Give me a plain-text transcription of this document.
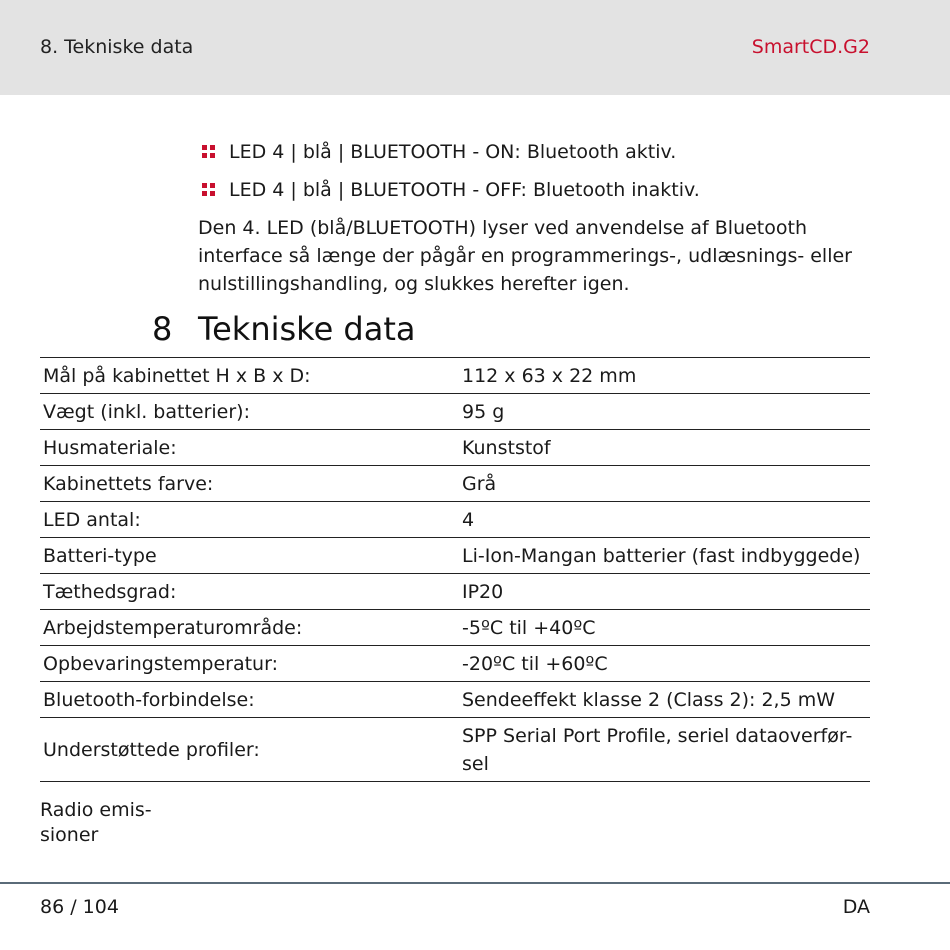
8. Tekniske data	SmartCD.G2
LED 4 | blå | BLUETOOTH - ON: Bluetooth aktiv.
LED 4 | blå | BLUETOOTH - OFF: Bluetooth inaktiv.
Den 4. LED (blå/BLUETOOTH) lyser ved anvendelse af Bluetooth interface så længe der pågår en programmerings-, udlæsnings- eller nulstillingshandling, og slukkes herefter igen.
8 Tekniske data
Mål på kabinettet H x B x D:	112 x 63 x 22 mm
Vægt (inkl. batterier):	95 g
Husmateriale:	Kunststof
Kabinettets farve:	Grå
LED antal:	4
Batteri-type	Li-Ion-Mangan batterier (fast indbyggede)
Tæthedsgrad:	IP20
Arbejdstemperaturområde:	-5ºC til +40ºC
Opbevaringstemperatur:	-20ºC til +60ºC
Bluetooth-forbindelse:	Sendeeffekt klasse 2 (Class 2): 2,5 mW
Understøttede profiler:	SPP Serial Port Profile, seriel dataoverfør- sel
Radio emis- sioner
86 / 104	DA
